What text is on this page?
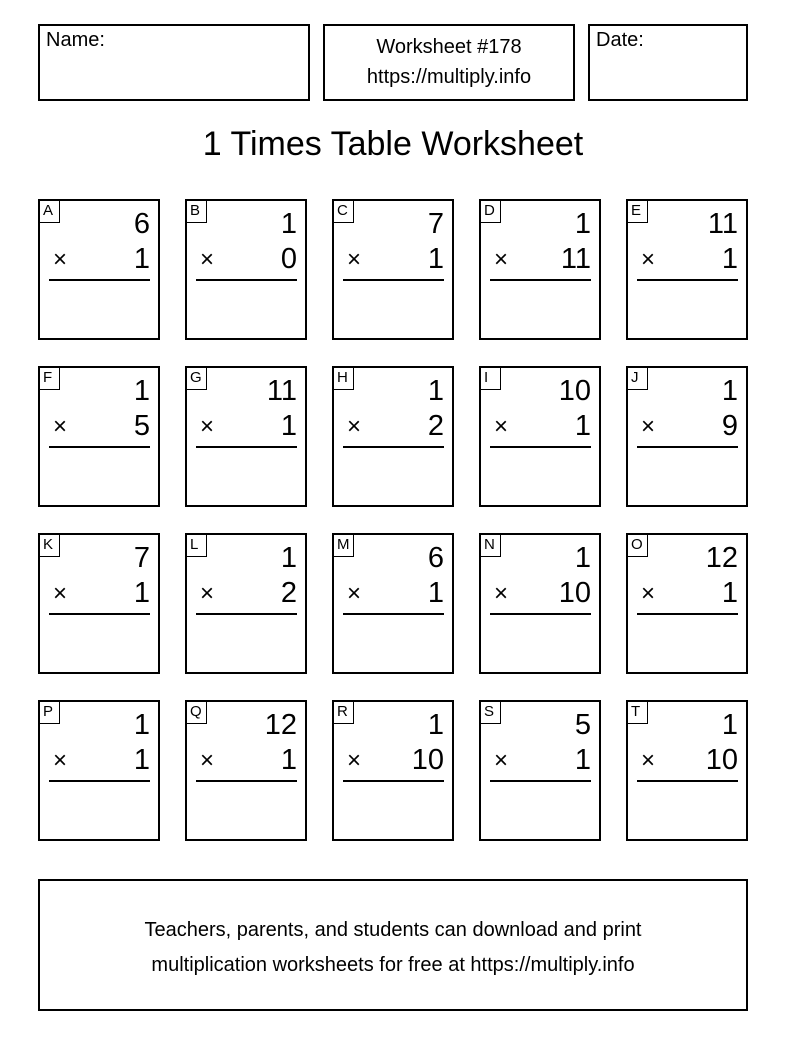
Name:	Worksheet #178
https://multiply.info
Date:
1 Times Table Worksheet
A	6
× 1
B	1
× 0
C	7
× 1
D	1
× 11
E 11
× 1
F	1
× 5
G 11
× 1
H	1
× 2
I	10
× 1
J	1
× 9
K	7
× 1
L	1
× 2
M	6
× 1
N	1
× 10
O 12
× 1
P	1
× 1
Q 12
× 1
R	1
× 10
S	5
× 1
T	1
× 10
Teachers, parents, and students can download and print
multiplication worksheets for free at https://multiply.info
